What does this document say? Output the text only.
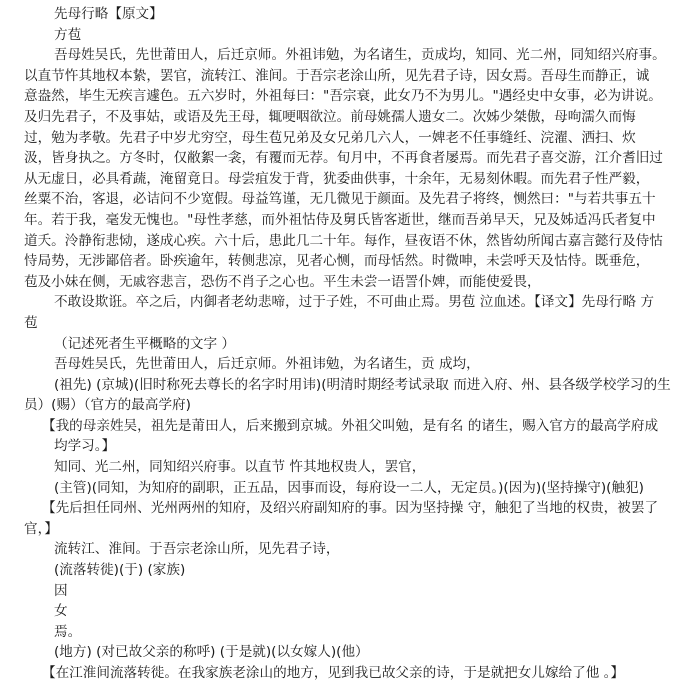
先母行略【原文】
方苞
吾母姓吴氏，先世莆田人，后迁京师。外祖讳勉，为名诸生，贡成均，知同、光二州，同知绍兴府事。
以直节忤其地权本絷，罢官，流转江、淮间。于吾宗老涂山所，见先君子诗，因女焉。吾母生而静正，诚
意盎然，毕生无疾言遽色。五六岁时，外祖每曰："吾宗衰，此女乃不为男儿。"遇经史中女事，必为讲说。
及归先君子，不及事姑，或语及先王母，辄哽咽欲泣。前母姚孺人遗女二。次姊少桀傲，母呴濡久而悔
过，勉为孝敬。先君子中岁尤穷空，母生苞兄弟及女兄弟几六人，一婢老不任事缝纴、浣濯、洒扫、炊
汲，皆身执之。方冬时，仅敝絮一衾，有覆而无荐。旬月中，不再食者屡焉。而先君子喜交游，江介耆旧过
从无虚日，必具肴蔬，淹留竟日。母尝疽发于背，犹委曲供事，十余年，无易刻休暇。而先君子性严毅，
丝粟不治，客退，必诘问不少宽假。母益笃谨，无几微见于颜面。及先君子将终，恻然曰："与若共事五十
年。若于我，毫发无愧也。"母性孝慈，而外祖怙侍及舅氏皆客逝世，继而吾弟早天，兄及姊适冯氏者复中
道夭。泠静衔悲恸，遂成心疾。六十后，患此几二十年。每作，昼夜语不休，然皆幼所闻古嘉言懿行及侍怙
恃局势，无涉鄙倍者。卧疾逾年，转侧悲凉，见者心恻，而母恬然。时微呻，未尝呼天及怙恃。既垂危，
苞及小妹在侧，无戚容悲言，恐伤不肖子之心也。平生未尝一语詈仆婢，而能使爱畏，
不敢设欺诳。卒之后，内御者老幼悲啼，过于子姓，不可曲止焉。男苞 泣血述。【译文】先母行略 方
苞
（记述死者生平概略的文字 ）
吾母姓吴氏，先世莆田人，后迁京师。外祖讳勉，为名诸生，贡 成均，
(祖先) (京城)(旧时称死去尊长的名字时用讳)(明清时期经考试录取 而进入府、州、县各级学校学习的生
员）(赐）（官方的最高学府)
【我的母亲姓吴，祖先是莆田人，后来搬到京城。外祖父叫勉，是有名 的诸生，赐入官方的最高学府成
均学习。】
知同、光二州，同知绍兴府事。以直节 忤其地权贵人，罢官，
(主管)(同知，为知府的副职，正五品，因事而设，每府设一二人，无定员。)(因为)(坚持操守)(触犯)
【先后担任同州、光州两州的知府，及绍兴府副知府的事。因为坚持操 守，触犯了当地的权贵，被罢了
官，】
流转江、淮间。于吾宗老涂山所，见先君子诗，
(流落转徙)(于) (家族)
因
女
焉。
(地方) (对已故父亲的称呼) (于是就)(以女嫁人)(他）
【在江淮间流落转徙。在我家族老涂山的地方，见到我已故父亲的诗，于是就把女儿嫁给了他 。】
